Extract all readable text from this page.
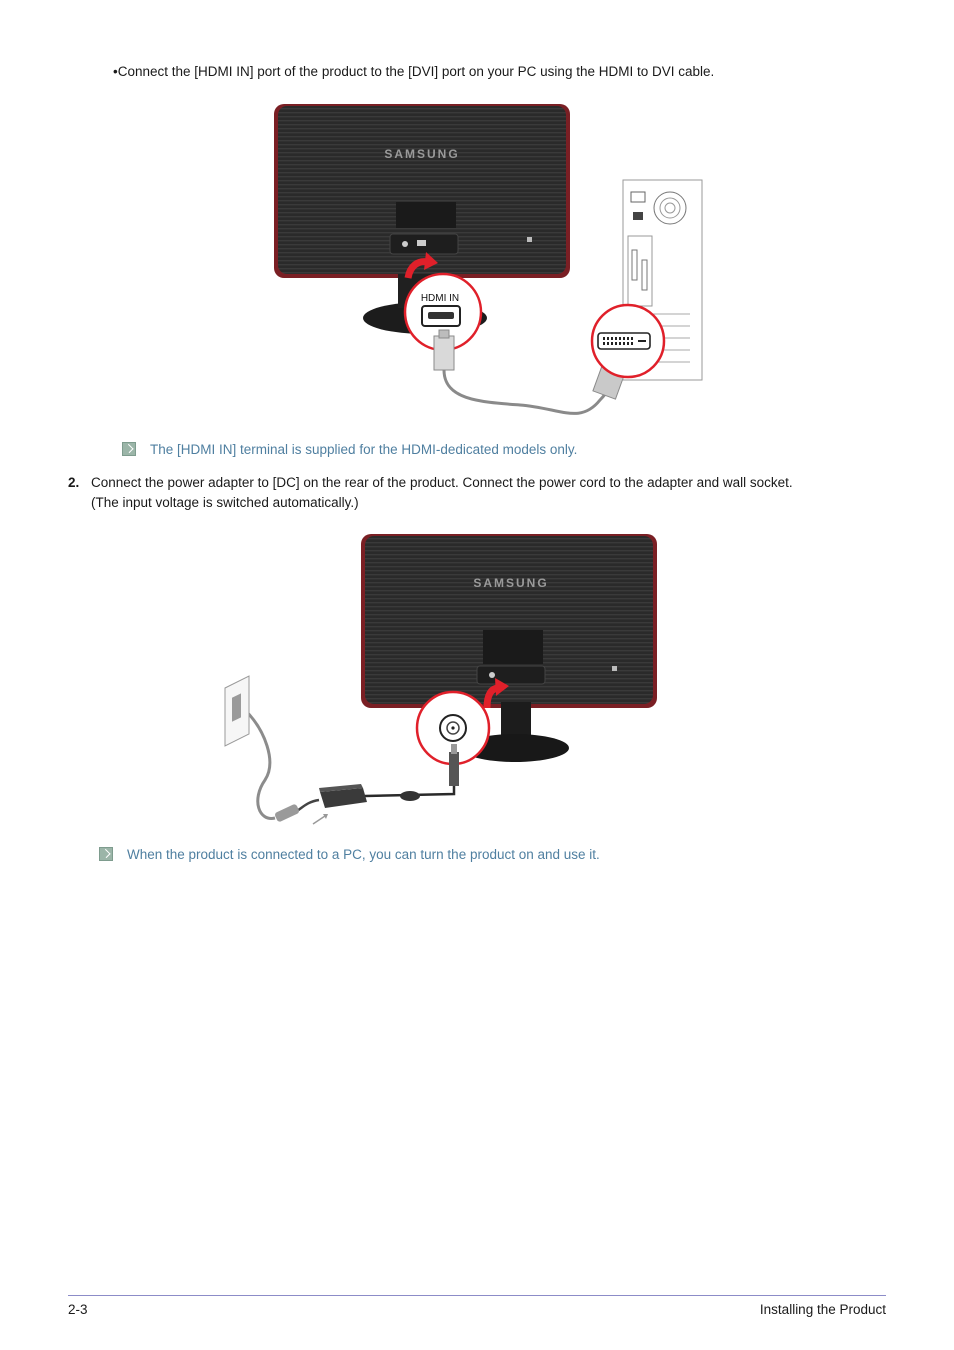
•Connect the [HDMI IN] port of the product to the [DVI] port on your PC using the HDMI to DVI cable.
SAMSUNG
HDMI IN
The [HDMI IN] terminal is supplied for the HDMI-dedicated models only.
2. Connect the power adapter to [DC] on the rear of the product. Connect the power cord to the adapter and wall socket.
(The input voltage is switched automatically.)
SAMSUNG
When the product is connected to a PC, you can turn the product on and use it.
2-3	Installing the Product
